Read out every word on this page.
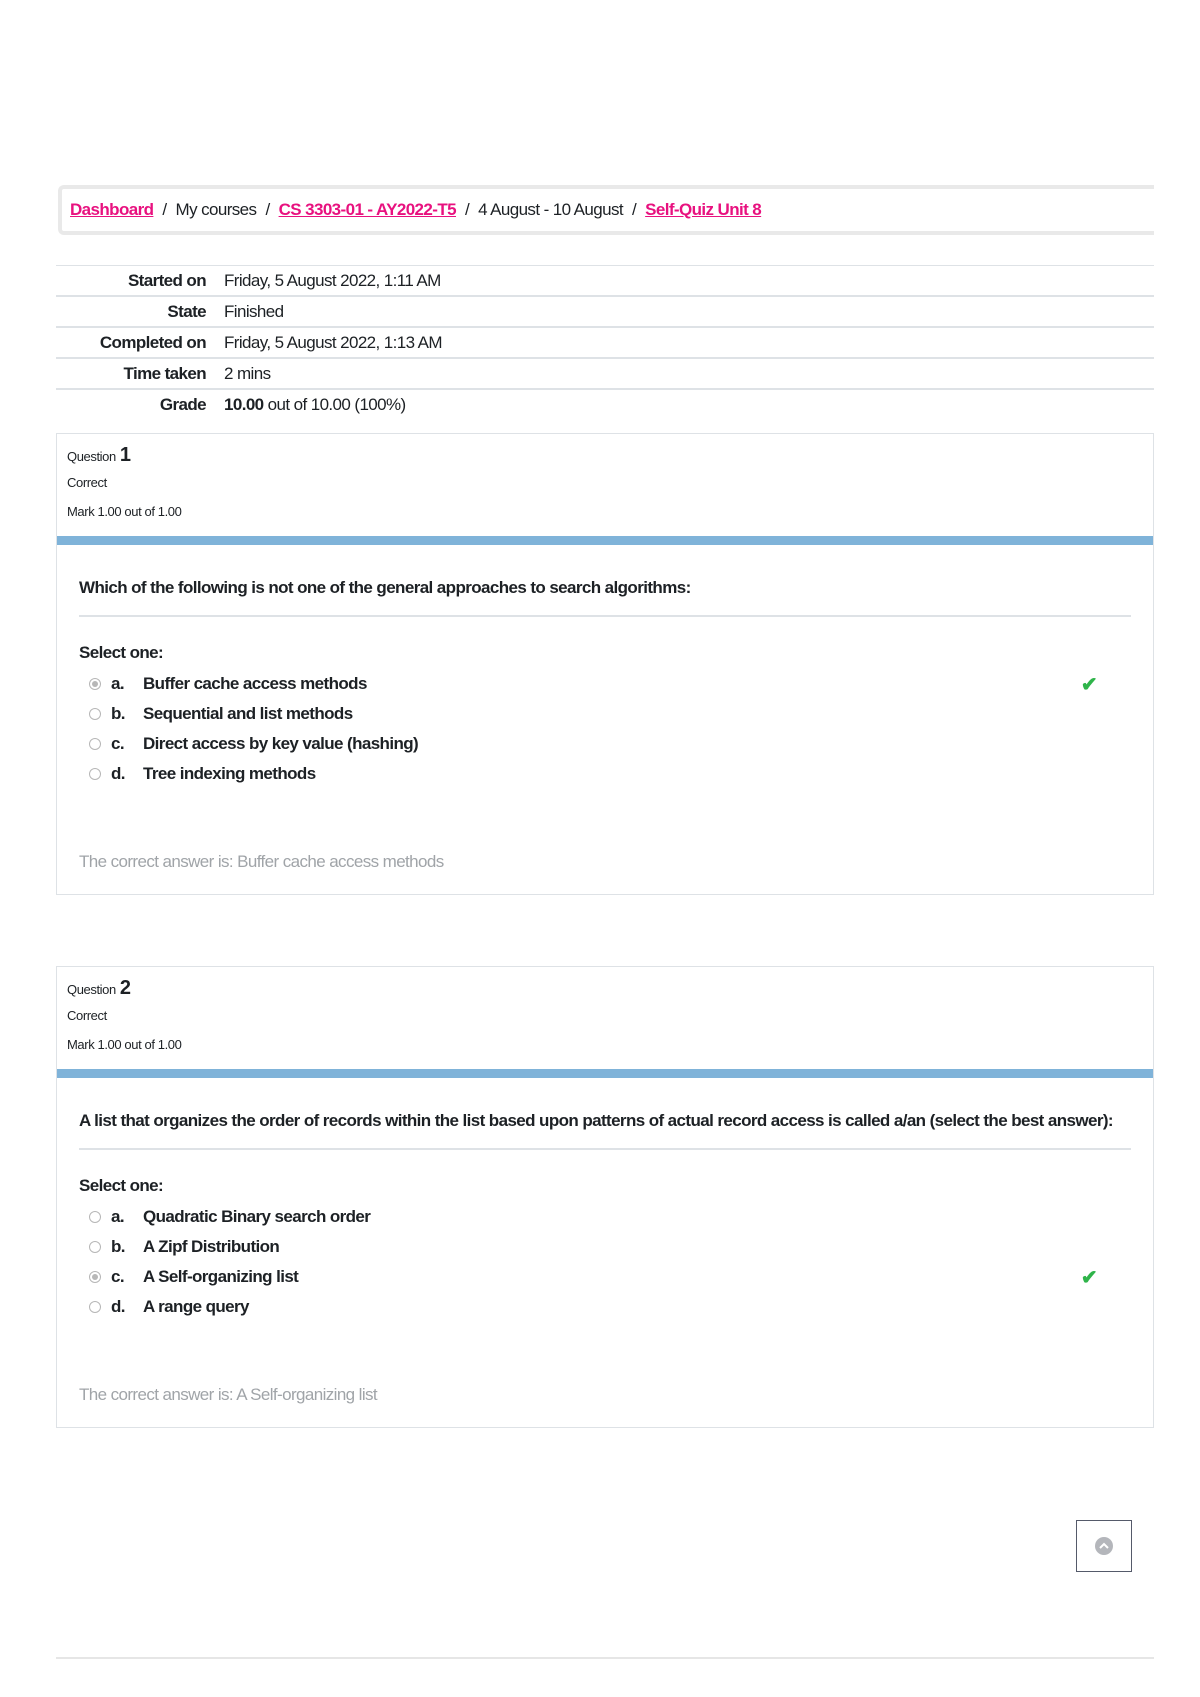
Dashboard / My courses / CS 3303-01 - AY2022-T5 / 4 August - 10 August / Self-Quiz Unit 8
Started on	Friday, 5 August 2022, 1:11 AM
State	Finished
Completed on	Friday, 5 August 2022, 1:13 AM
Time taken	2 mins
Grade	10.00 out of 10.00 (100%)
Question 1
Correct
Mark 1.00 out of 1.00
Which of the following is not one of the general approaches to search algorithms:
Select one:
a.	Buffer cache access methods	✔
b.	Sequential and list methods
c.	Direct access by key value (hashing)
d.	Tree indexing methods
The correct answer is: Buffer cache access methods
Question 2
Correct
Mark 1.00 out of 1.00
A list that organizes the order of records within the list based upon patterns of actual record access is called a/an (select the best answer):
Select one:
a.	Quadratic Binary search order
b.	A Zipf Distribution
c.	A Self-organizing list	✔
d.	A range query
The correct answer is: A Self-organizing list
